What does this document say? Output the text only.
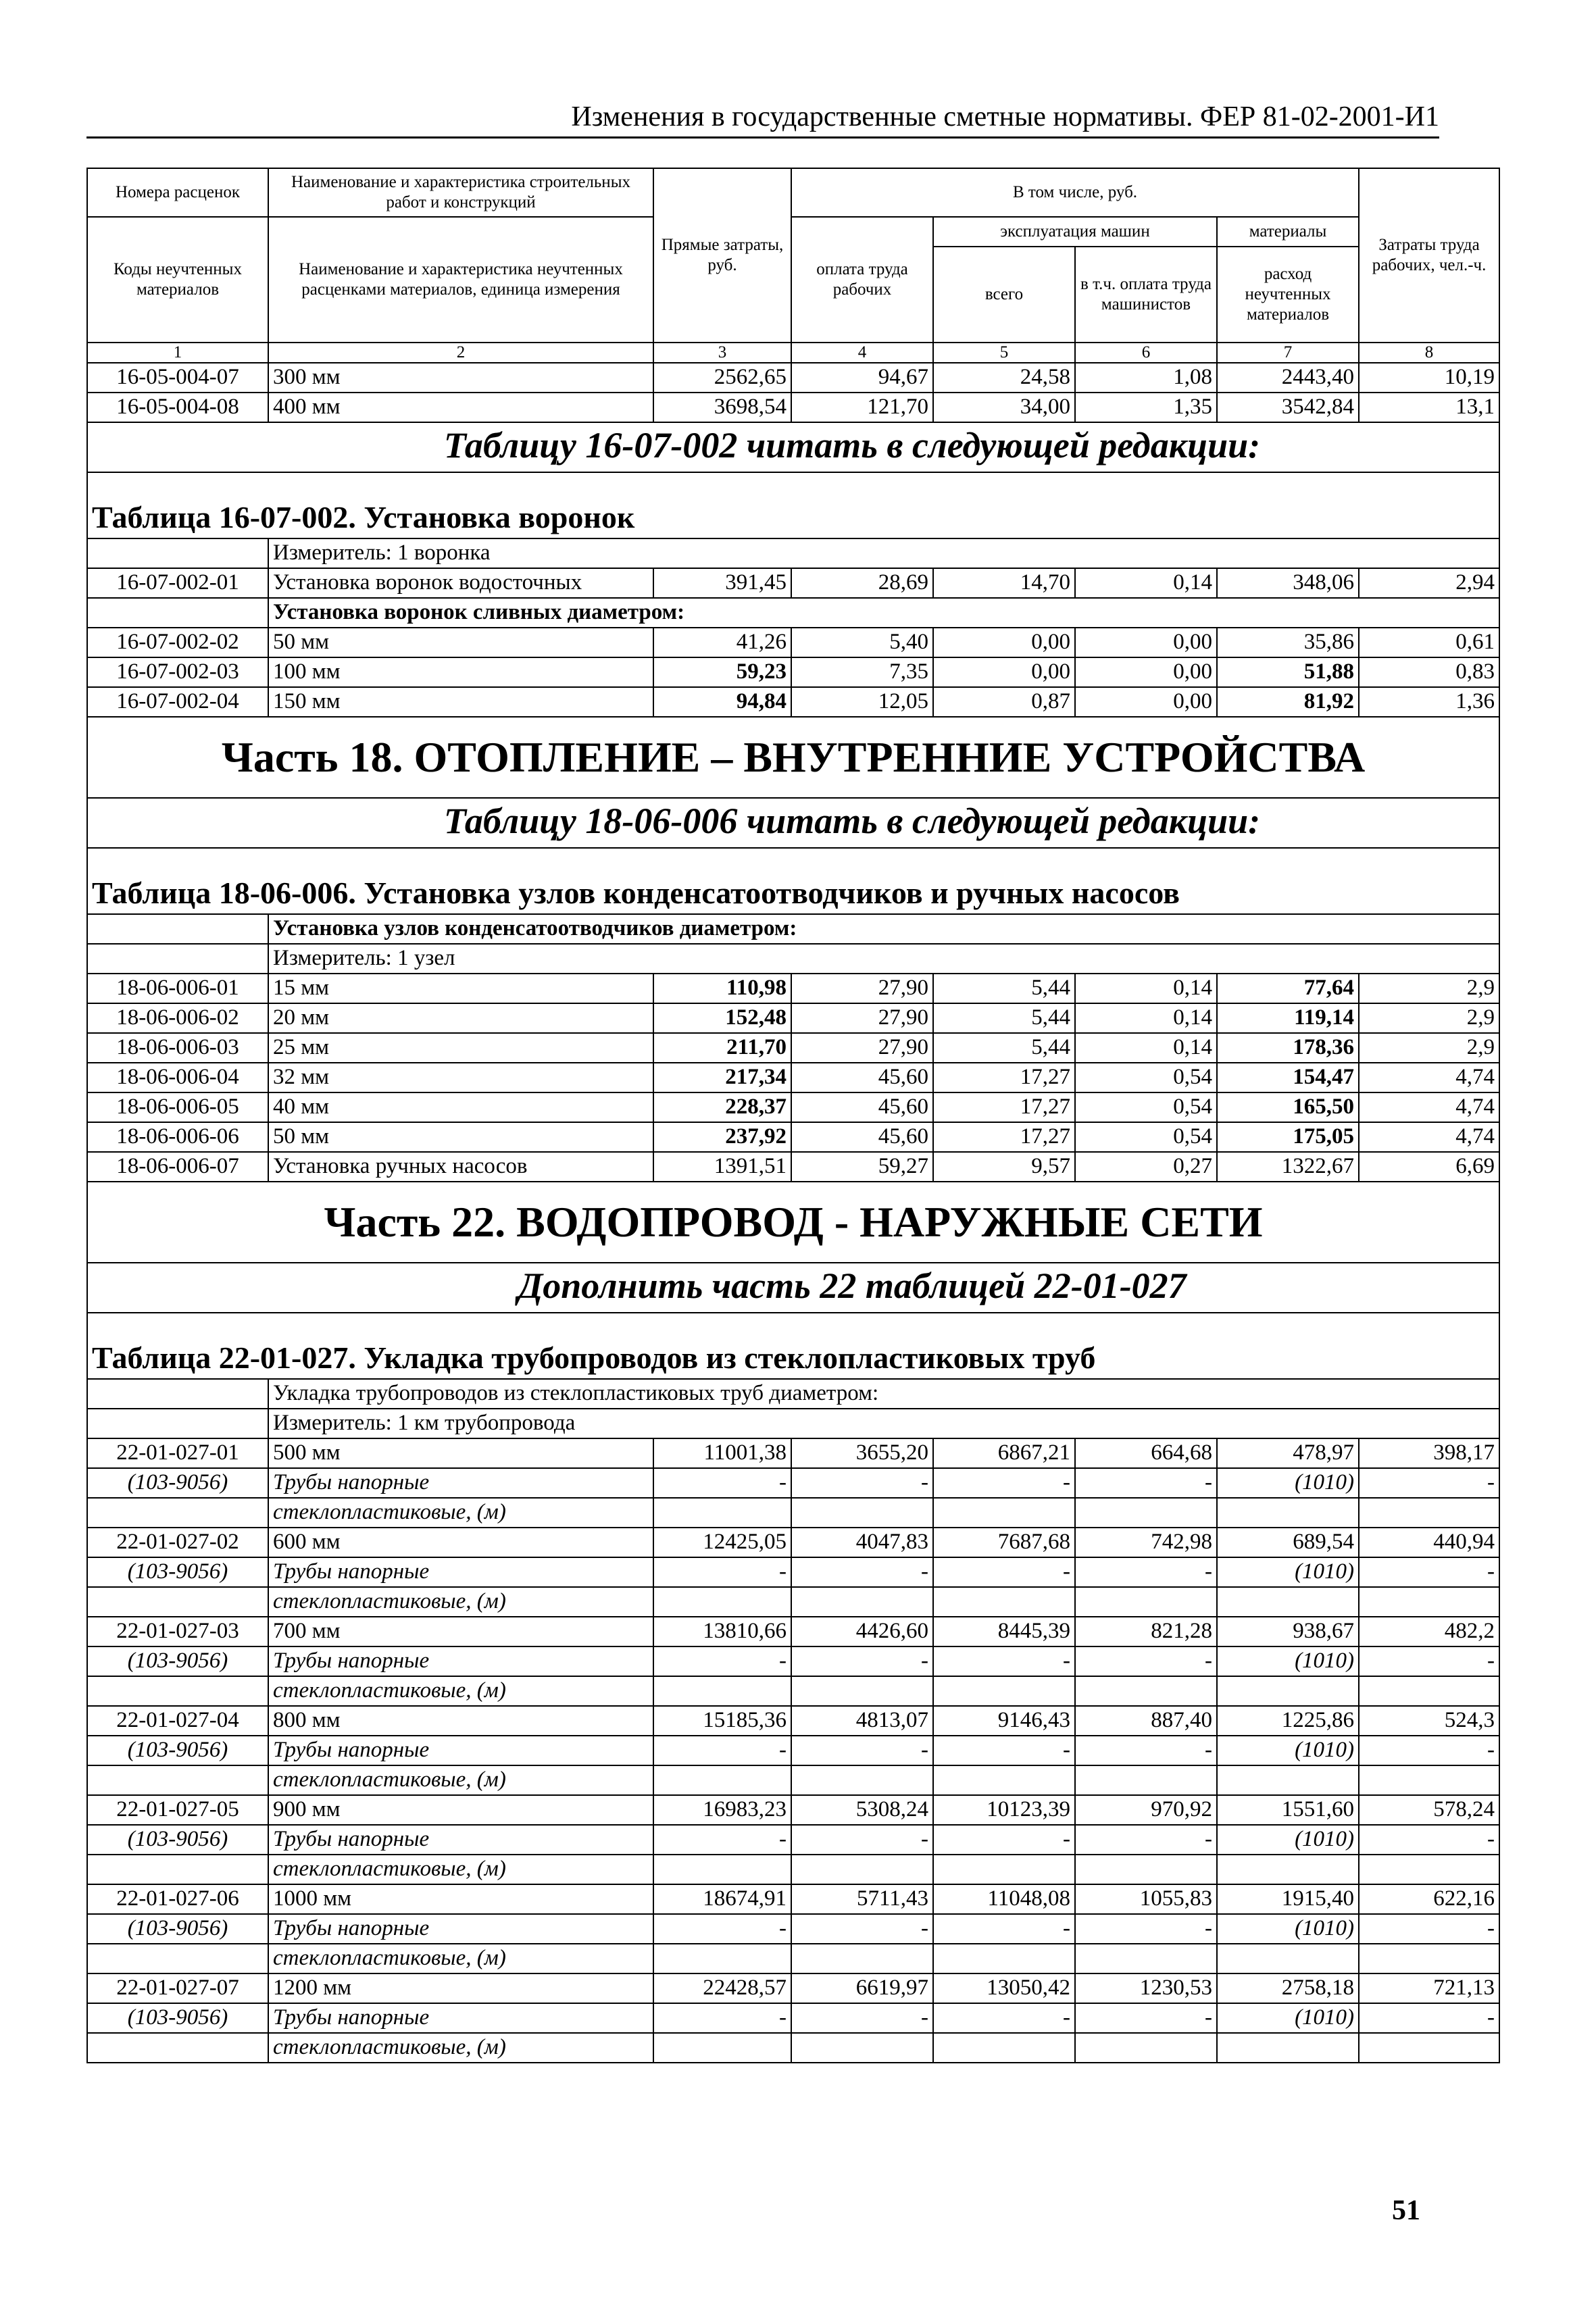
Изменения в государственные сметные нормативы. ФЕР 81-02-2001-И1
Номера расценок	Наименование и характеристика строительных работ и конструкций	Прямые затраты, руб.	В том числе, руб.				Затраты труда рабочих, чел.-ч.
Коды неучтенных материалов	Наименование и характеристика неучтенных расценками материалов, единица измерения		оплата труда рабочих	эксплуатация машин		материалы	
				всего	в т.ч. оплата труда машинистов	расход неучтенных материалов	
1	2	3	4	5	6	7	8
16-05-004-07	300 мм	2562,65	94,67	24,58	1,08	2443,40	10,19
16-05-004-08	400 мм	3698,54	121,70	34,00	1,35	3542,84	13,1
Таблицу 16-07-002 читать в следующей редакции:							
Таблица 16-07-002. Установка воронок							
	Измеритель: 1 воронка						
16-07-002-01	Установка воронок водосточных	391,45	28,69	14,70	0,14	348,06	2,94
	Установка воронок сливных диаметром:						
16-07-002-02	50 мм	41,26	5,40	0,00	0,00	35,86	0,61
16-07-002-03	100 мм	59,23	7,35	0,00	0,00	51,88	0,83
16-07-002-04	150 мм	94,84	12,05	0,87	0,00	81,92	1,36
Часть 18. ОТОПЛЕНИЕ – ВНУТРЕННИЕ УСТРОЙСТВА							
Таблицу 18-06-006 читать в следующей редакции:							
Таблица 18-06-006. Установка узлов конденсатоотводчиков и ручных насосов							
	Установка узлов конденсатоотводчиков диаметром:						
	Измеритель: 1 узел						
18-06-006-01	15 мм	110,98	27,90	5,44	0,14	77,64	2,9
18-06-006-02	20 мм	152,48	27,90	5,44	0,14	119,14	2,9
18-06-006-03	25 мм	211,70	27,90	5,44	0,14	178,36	2,9
18-06-006-04	32 мм	217,34	45,60	17,27	0,54	154,47	4,74
18-06-006-05	40 мм	228,37	45,60	17,27	0,54	165,50	4,74
18-06-006-06	50 мм	237,92	45,60	17,27	0,54	175,05	4,74
18-06-006-07	Установка ручных насосов	1391,51	59,27	9,57	0,27	1322,67	6,69
Часть 22. ВОДОПРОВОД - НАРУЖНЫЕ СЕТИ							
Дополнить часть 22 таблицей 22-01-027							
Таблица 22-01-027. Укладка трубопроводов из стеклопластиковых труб							
	Укладка трубопроводов из стеклопластиковых труб диаметром:						
	Измеритель: 1 км трубопровода						
22-01-027-01	500 мм	11001,38	3655,20	6867,21	664,68	478,97	398,17
(103-9056)	Трубы напорные	-	-	-	-	(1010)	-
	стеклопластиковые, (м)						
22-01-027-02	600 мм	12425,05	4047,83	7687,68	742,98	689,54	440,94
(103-9056)	Трубы напорные	-	-	-	-	(1010)	-
	стеклопластиковые, (м)						
22-01-027-03	700 мм	13810,66	4426,60	8445,39	821,28	938,67	482,2
(103-9056)	Трубы напорные	-	-	-	-	(1010)	-
	стеклопластиковые, (м)						
22-01-027-04	800 мм	15185,36	4813,07	9146,43	887,40	1225,86	524,3
(103-9056)	Трубы напорные	-	-	-	-	(1010)	-
	стеклопластиковые, (м)						
22-01-027-05	900 мм	16983,23	5308,24	10123,39	970,92	1551,60	578,24
(103-9056)	Трубы напорные	-	-	-	-	(1010)	-
	стеклопластиковые, (м)						
22-01-027-06	1000 мм	18674,91	5711,43	11048,08	1055,83	1915,40	622,16
(103-9056)	Трубы напорные	-	-	-	-	(1010)	-
	стеклопластиковые, (м)						
22-01-027-07	1200 мм	22428,57	6619,97	13050,42	1230,53	2758,18	721,13
(103-9056)	Трубы напорные	-	-	-	-	(1010)	-
	стеклопластиковые, (м)						
51
